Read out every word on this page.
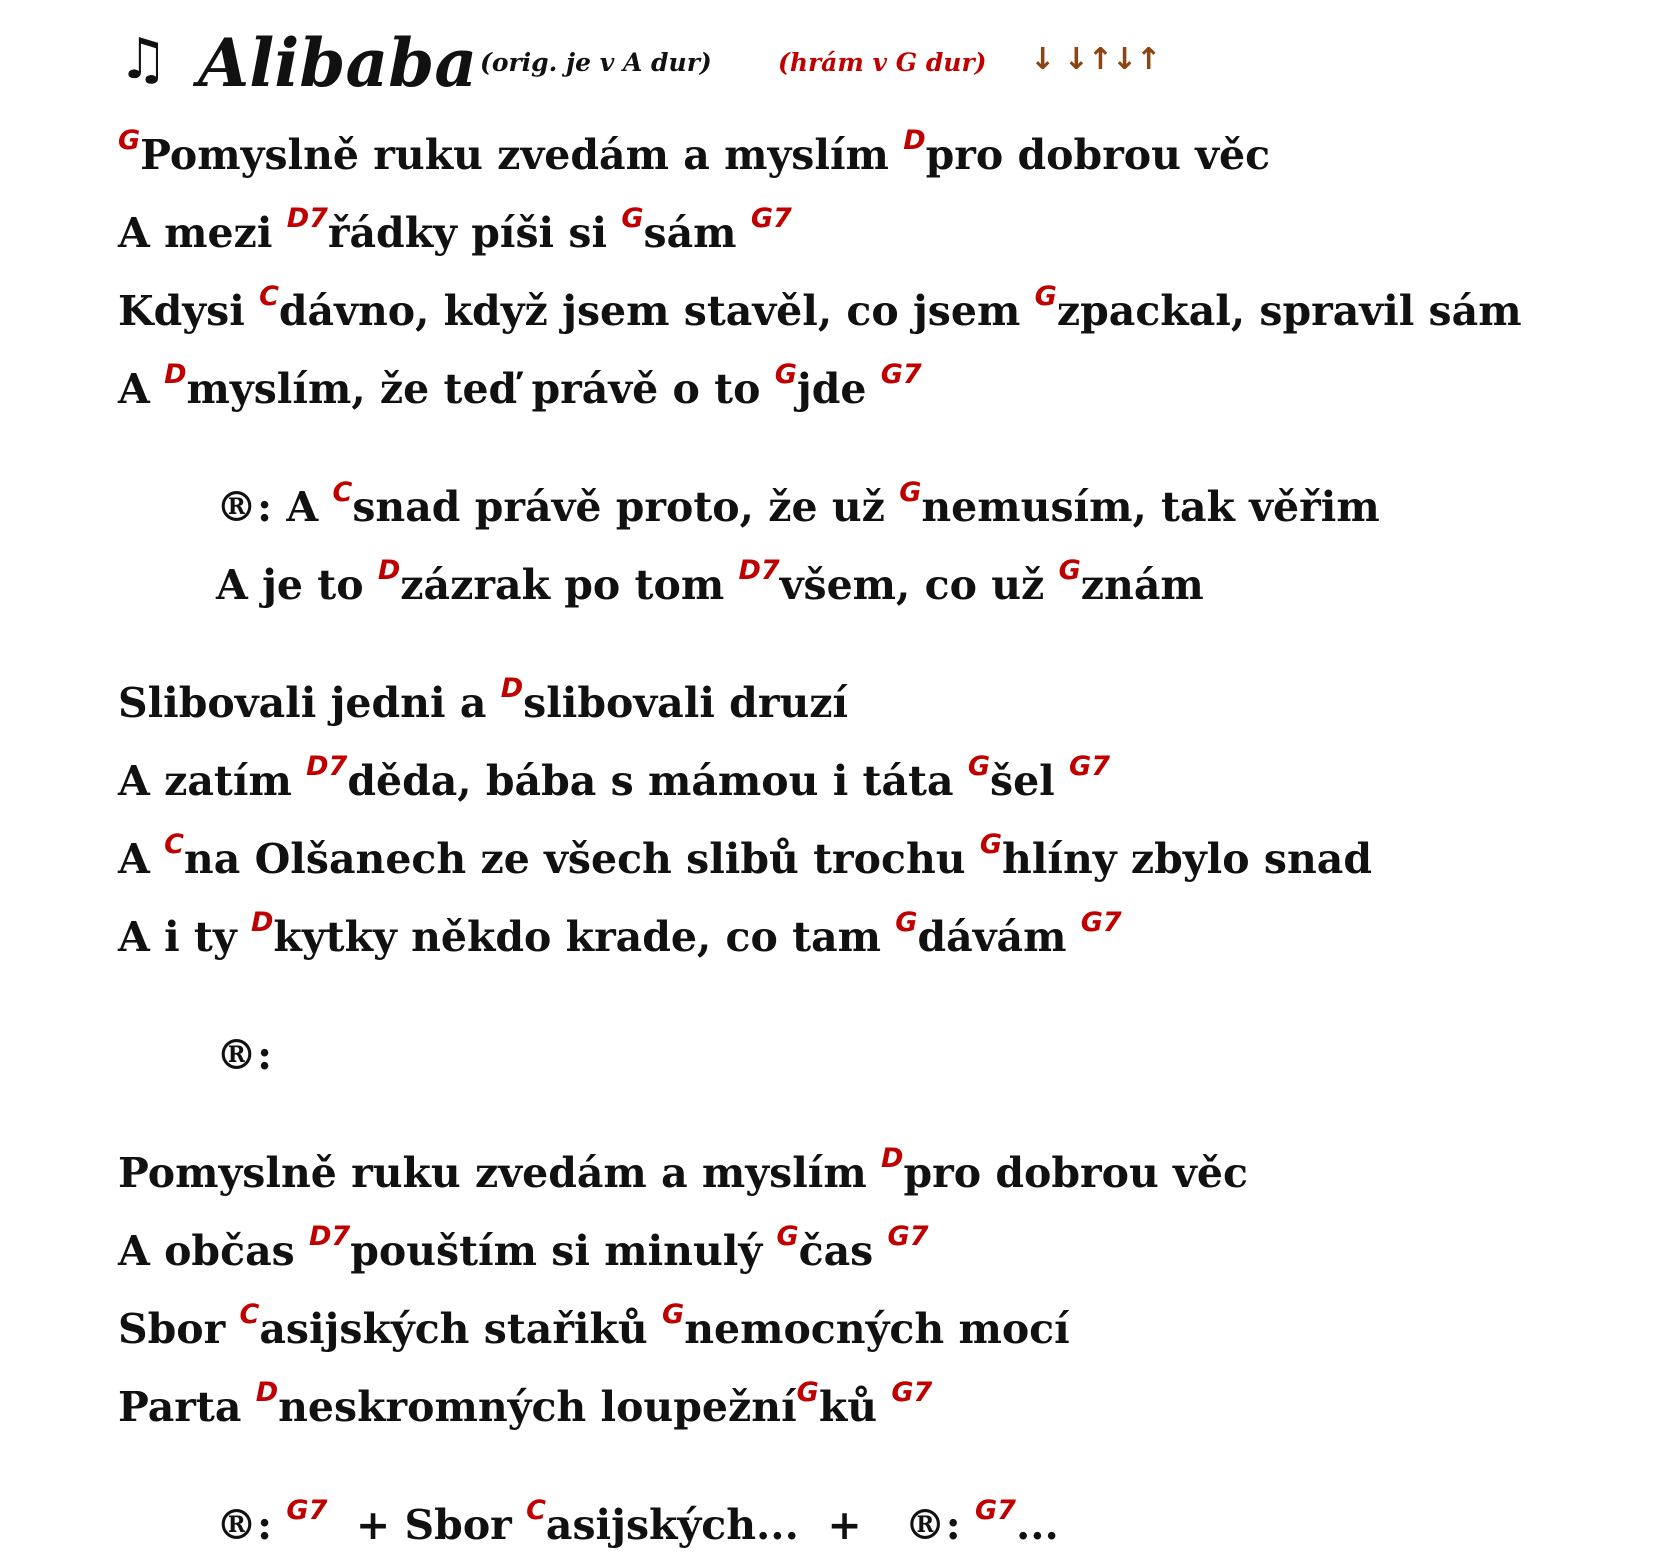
♫ Alibaba (orig. je v A dur)	(hrám v G dur) ↓ ↓↑↓↑
$^G$Pomyslně ruku zvedám a myslím $^D$pro dobrou věc
A mezi $^{D7}$řádky píši si $^G$sám $^{G7}$
Kdysi $^C$dávno, když jsem stavěl, co jsem $^G$zpackal, spravil sám
A $^D$myslím, že teď právě o to $^G$jde $^{G7}$
®: A $^C$snad právě proto, že už $^G$nemusím, tak věřim
A je to $^D$zázrak po tom $^{D7}$všem, co už $^G$znám
Slibovali jedni a $^D$slibovali druzí
A zatím $^{D7}$děda, bába s mámou i táta $^G$šel $^{G7}$
A $^C$na Olšanech ze všech slibů trochu $^G$hlíny zbylo snad
A i ty $^D$kytky někdo krade, co tam $^G$dávám $^{G7}$
®:
Pomyslně ruku zvedám a myslím $^D$pro dobrou věc
A občas $^{D7}$pouštím si minulý $^G$čas $^{G7}$
Sbor $^C$asijských stařiků $^G$nemocných mocí
Parta $^D$neskromných loupežní$^G$ků $^{G7}$
®: $^{G7}$  + Sbor $^C$asijských...  +   ®: $^{G7}$...
